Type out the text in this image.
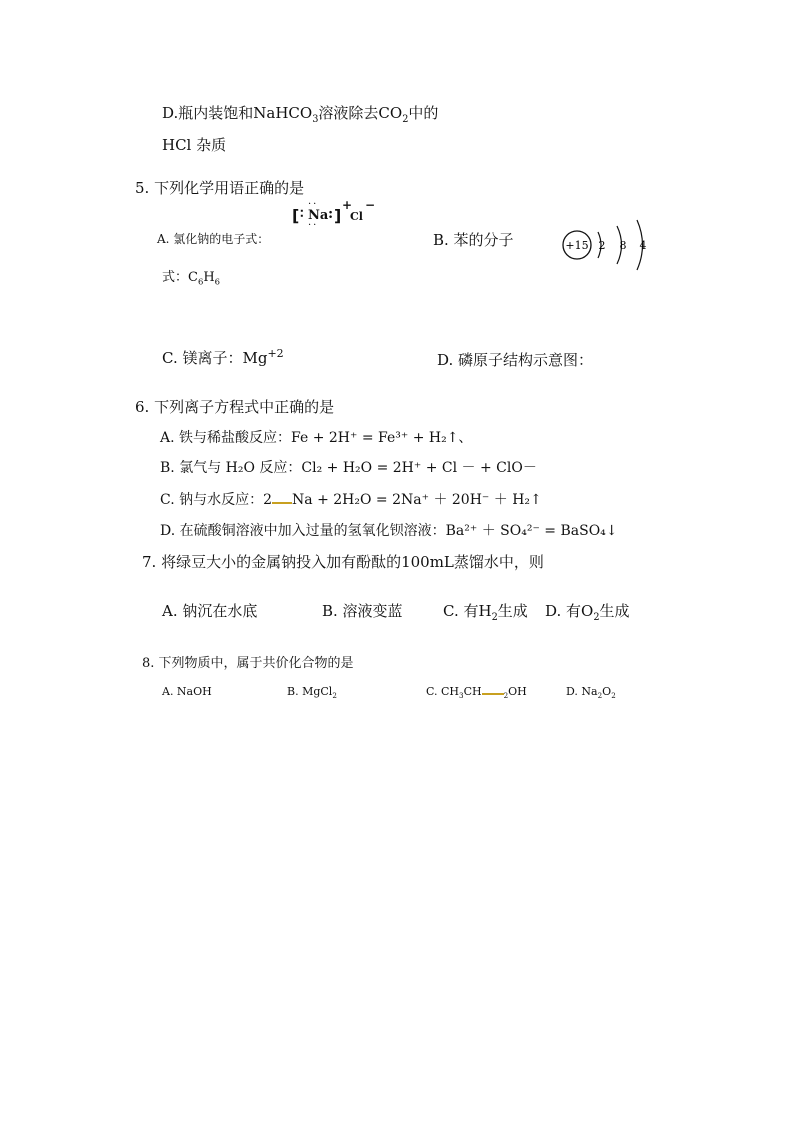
D.瓶内装饱和NaHCO$_3$溶液除去$CO_2$中的
HCl 杂质
5. 下列化学用语正确的是
A. 氯化钠的电子式：
[ ∶ Na
··
··
: ]
+
Cl
−
B. 苯的分子	+15 2 8 4
式：$C_6H_6$
C. 镁离子：$Mg^{+2}$	D. 磷原子结构示意图：
6. 下列离子方程式中正确的是
A. 铁与稀盐酸反应：Fe + 2H⁺ = Fe³⁺ + H₂↑、
B. 氯气与 H₂O 反应：Cl₂ + H₂O = 2H⁺ + Cl － + ClO－
C. 钠与水反应：2 Na + 2H₂O = 2Na⁺ ＋ 20H⁻ ＋ H₂↑
D. 在硫酸铜溶液中加入过量的氢氧化钡溶液：Ba²⁺ ＋ SO₄²⁻ = BaSO₄↓
7. 将绿豆大小的金属钠投入加有酚酞的100mL蒸馏水中，则
A. 钠沉在水底	B. 溶液变蓝	C. 有$H_2$生成 D. 有$O_2$生成
8. 下列物质中，属于共价化合物的是
A. NaOH	B. MgCl$_2$	C. $CH_3CH$	$_2$OH	D. $Na_2O_2$
